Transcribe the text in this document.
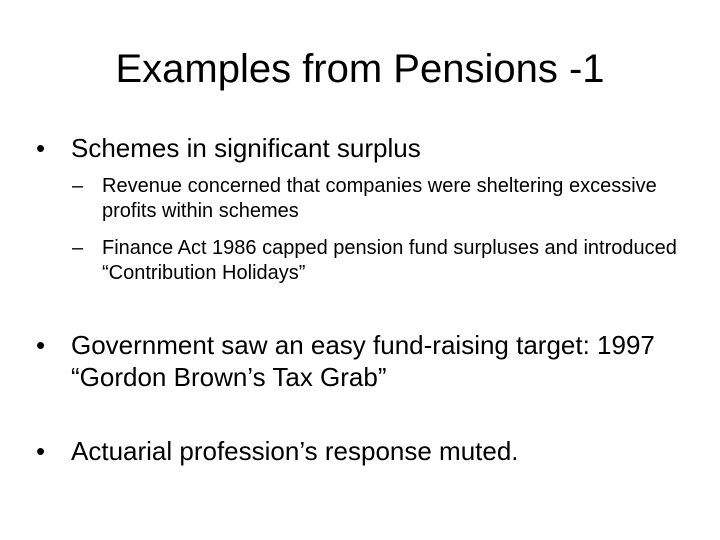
Examples from Pensions -1
• Schemes in significant surplus
– Revenue concerned that companies were sheltering excessive profits within schemes
– Finance Act 1986 capped pension fund surpluses and introduced “Contribution Holidays”
• Government saw an easy fund-raising target: 1997 “Gordon Brown’s Tax Grab”
• Actuarial profession’s response muted.
